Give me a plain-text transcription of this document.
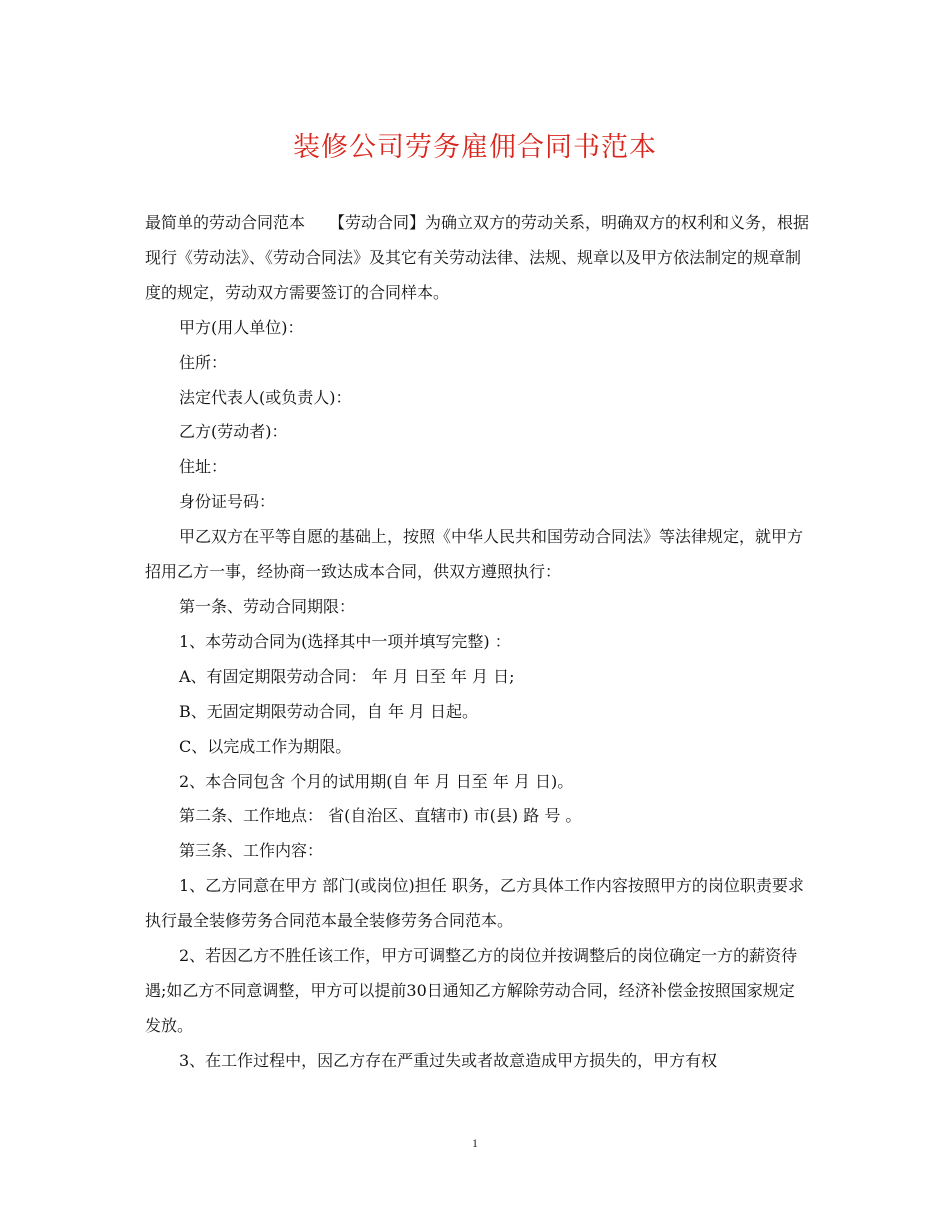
装修公司劳务雇佣合同书范本

最简单的劳动合同范本　　【劳动合同】为确立双方的劳动关系，明确双方的权利和义务，根据现行《劳动法》、《劳动合同法》及其它有关劳动法律、法规、规章以及甲方依法制定的规章制度的规定，劳动双方需要签订的合同样本。

甲方(用人单位)：

住所：

法定代表人(或负责人)：

乙方(劳动者)：

住址：

身份证号码：

甲乙双方在平等自愿的基础上，按照《中华人民共和国劳动合同法》等法律规定，就甲方招用乙方一事，经协商一致达成本合同，供双方遵照执行：

第一条、劳动合同期限：

1、本劳动合同为(选择其中一项并填写完整) ：

A、有固定期限劳动合同： 年 月 日至 年 月 日;

B、无固定期限劳动合同，自 年 月 日起。

C、以完成工作为期限。

2、本合同包含 个月的试用期(自 年 月 日至 年 月 日)。

第二条、工作地点： 省(自治区、直辖市) 市(县) 路 号 。

第三条、工作内容：

1、乙方同意在甲方 部门(或岗位)担任 职务，乙方具体工作内容按照甲方的岗位职责要求执行最全装修劳务合同范本最全装修劳务合同范本。

2、若因乙方不胜任该工作，甲方可调整乙方的岗位并按调整后的岗位确定一方的薪资待遇;如乙方不同意调整，甲方可以提前30日通知乙方解除劳动合同，经济补偿金按照国家规定发放。

3、在工作过程中，因乙方存在严重过失或者故意造成甲方损失的，甲方有权

1
